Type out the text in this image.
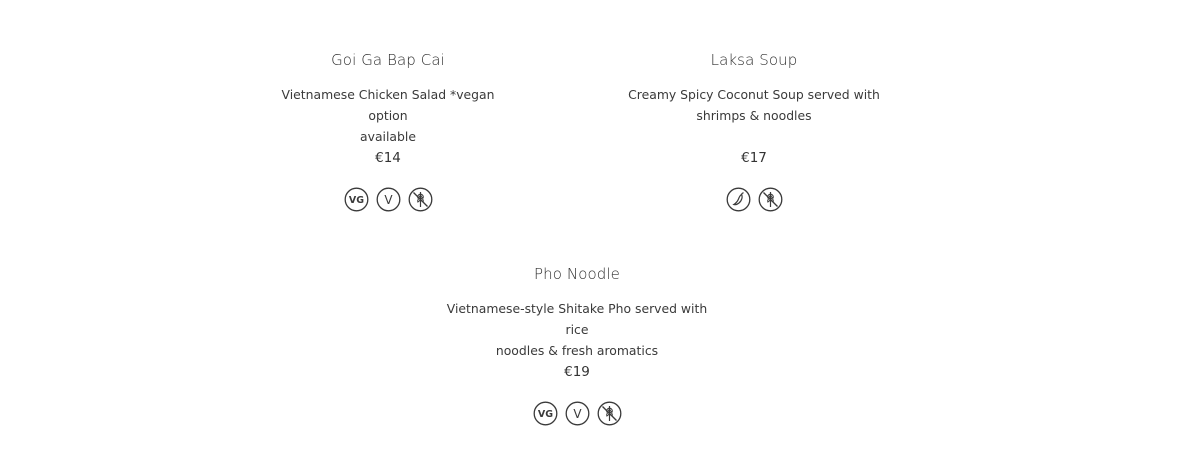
Goi Ga Bap Cai

Vietnamese Chicken Salad *vegan option
available

€14

VG V

Laksa Soup

Creamy Spicy Coconut Soup served with
shrimps & noodles

€17

Pho Noodle

Vietnamese-style Shitake Pho served with rice
noodles & fresh aromatics

€19

VG V
